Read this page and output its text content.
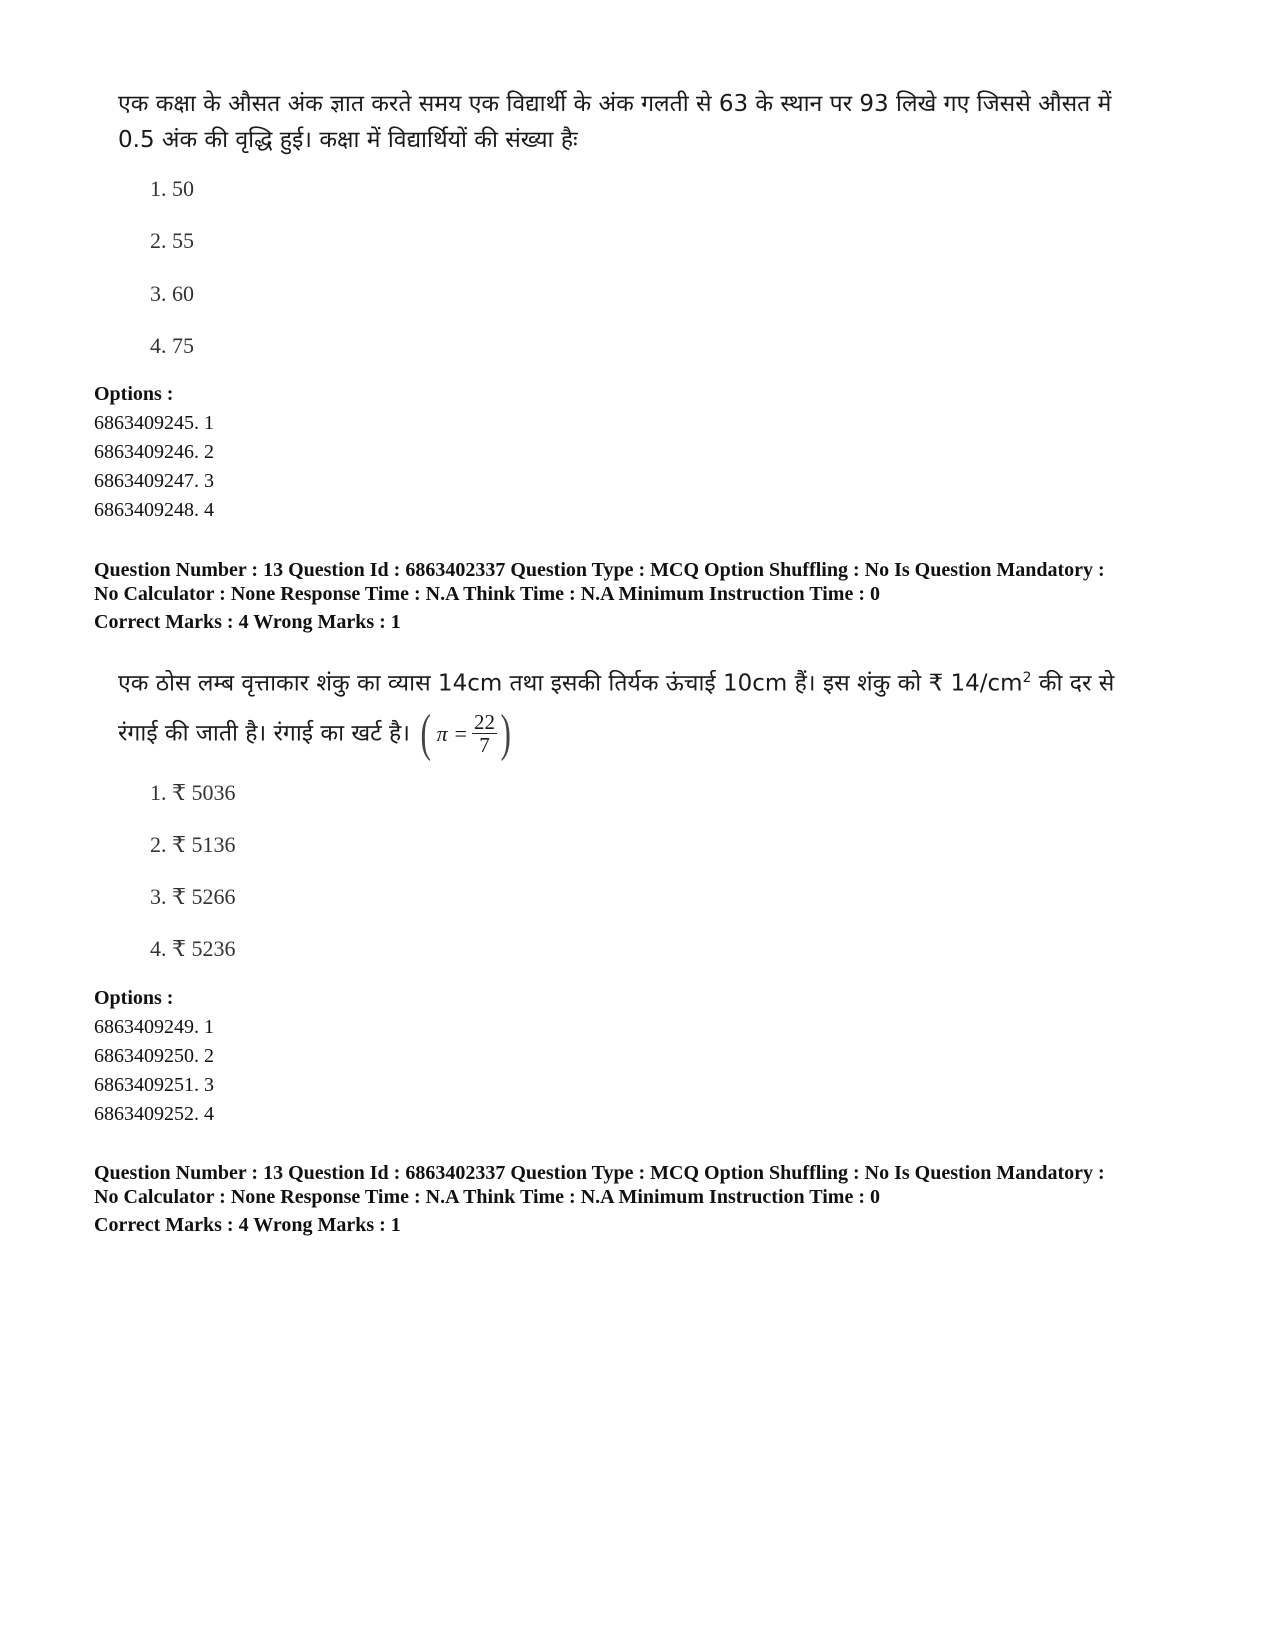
एक कक्षा के औसत अंक ज्ञात करते समय एक विद्यार्थी के अंक गलती से 63 के स्थान पर 93 लिखे गए जिससे औसत में

0.5 अंक की वृद्धि हुई। कक्षा में विद्यार्थियों की संख्या हैः

1. 50
2. 55
3. 60
4. 75
Options :
6863409245. 1
6863409246. 2
6863409247. 3
6863409248. 4
Question Number : 13 Question Id : 6863402337 Question Type : MCQ Option Shuffling : No Is Question Mandatory :
No Calculator : None Response Time : N.A Think Time : N.A Minimum Instruction Time : 0
Correct Marks : 4 Wrong Marks : 1

एक ठोस लम्ब वृत्ताकार शंकु का व्यास 14cm तथा इसकी तिर्यक ऊंचाई 10cm हैं। इस शंकु को ₹ $14/cm^2$ की दर से

रंगाई की जाती है। रंगाई का खर्ट है। ( $\pi = \frac{22}{7}$ )

1. ₹ 5036
2. ₹ 5136
3. ₹ 5266
4. ₹ 5236
Options :
6863409249. 1
6863409250. 2
6863409251. 3
6863409252. 4
Question Number : 13 Question Id : 6863402337 Question Type : MCQ Option Shuffling : No Is Question Mandatory :
No Calculator : None Response Time : N.A Think Time : N.A Minimum Instruction Time : 0
Correct Marks : 4 Wrong Marks : 1
